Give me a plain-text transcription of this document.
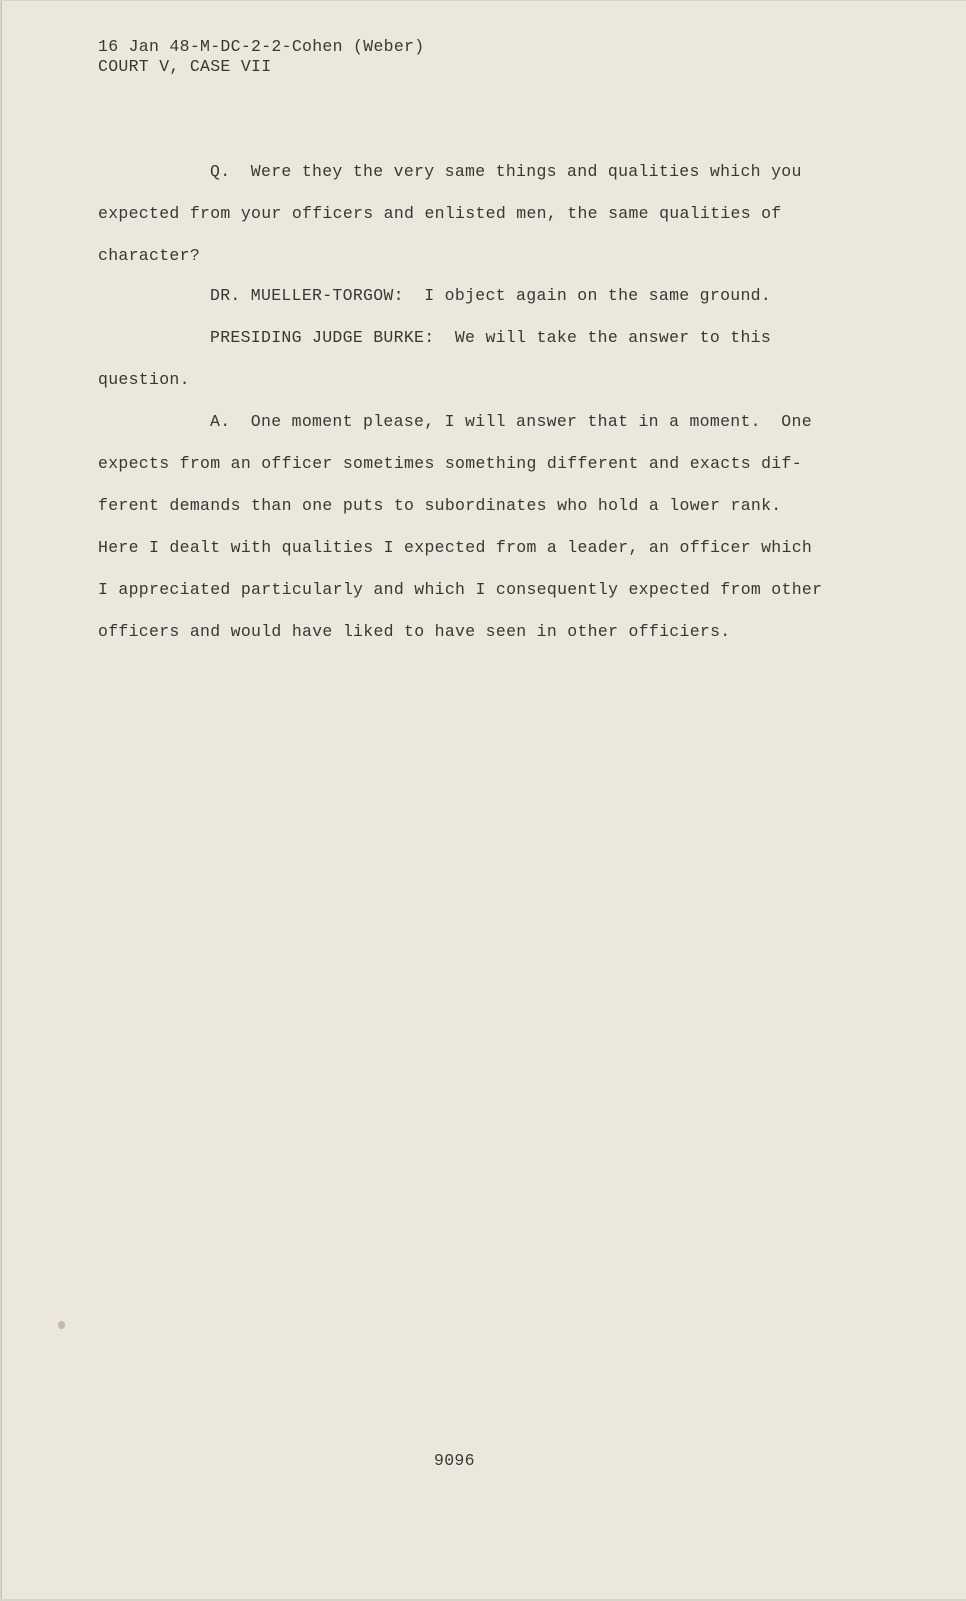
16 Jan 48-M-DC-2-2-Cohen (Weber)
COURT V, CASE VII
Q.  Were they the very same things and qualities which you
expected from your officers and enlisted men, the same qualities of
character?
DR. MUELLER-TORGOW:  I object again on the same ground.
PRESIDING JUDGE BURKE:  We will take the answer to this
question.
A.  One moment please, I will answer that in a moment.  One
expects from an officer sometimes something different and exacts dif-
ferent demands than one puts to subordinates who hold a lower rank.
Here I dealt with qualities I expected from a leader, an officer which
I appreciated particularly and which I consequently expected from other
officers and would have liked to have seen in other officiers.
9096
